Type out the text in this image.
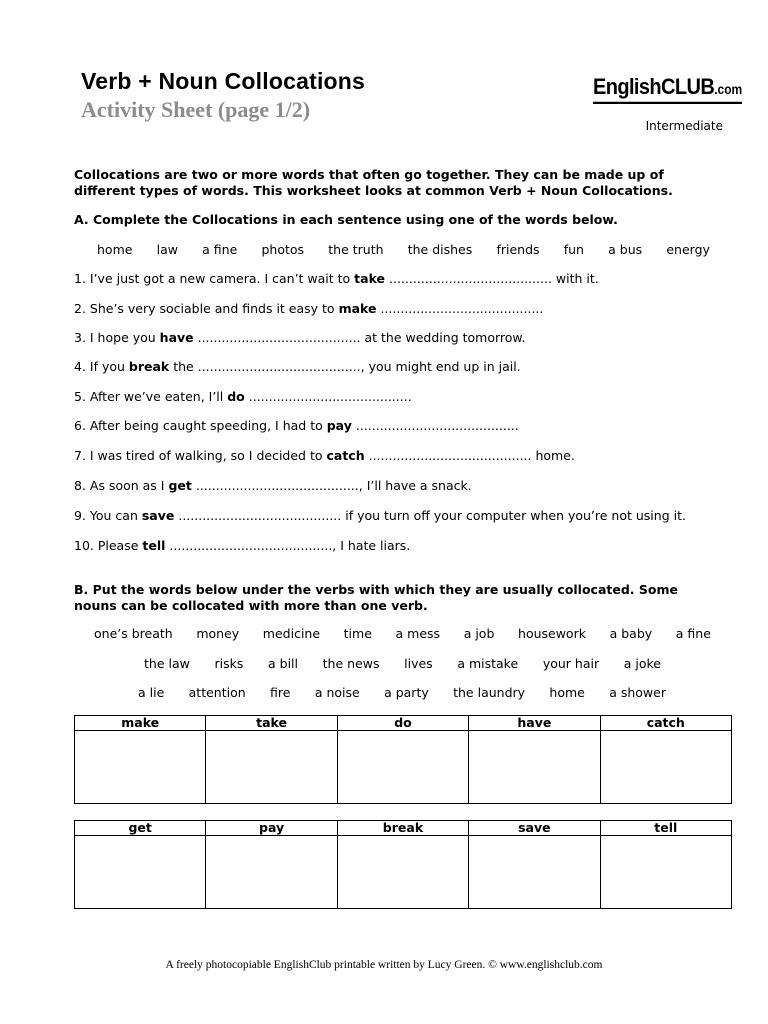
Verb + Noun Collocations
Activity Sheet (page 1/2)
EnglishCLUB.com
Intermediate
Collocations are two or more words that often go together. They can be made up of different types of words. This worksheet looks at common Verb + Noun Collocations.
A. Complete the Collocations in each sentence using one of the words below.
home law a fine photos the truth the dishes friends fun a bus energy
1. I’ve just got a new camera. I can’t wait to take ......................................... with it.
2. She’s very sociable and finds it easy to make .........................................
3. I hope you have ......................................... at the wedding tomorrow.
4. If you break the ........................................., you might end up in jail.
5. After we’ve eaten, I’ll do .........................................
6. After being caught speeding, I had to pay .........................................
7. I was tired of walking, so I decided to catch ......................................... home.
8. As soon as I get ........................................., I’ll have a snack.
9. You can save ......................................... if you turn off your computer when you’re not using it.
10. Please tell ........................................., I hate liars.
B. Put the words below under the verbs with which they are usually collocated. Some nouns can be collocated with more than one verb.
one’s breath money medicine time a mess a job housework a baby a fine
the law risks a bill the news lives a mistake your hair a joke
a lie attention fire a noise a party the laundry home a shower
make	take	do	have	catch

get	pay	break	save	tell

A freely photocopiable EnglishClub printable written by Lucy Green. © www.englishclub.com
